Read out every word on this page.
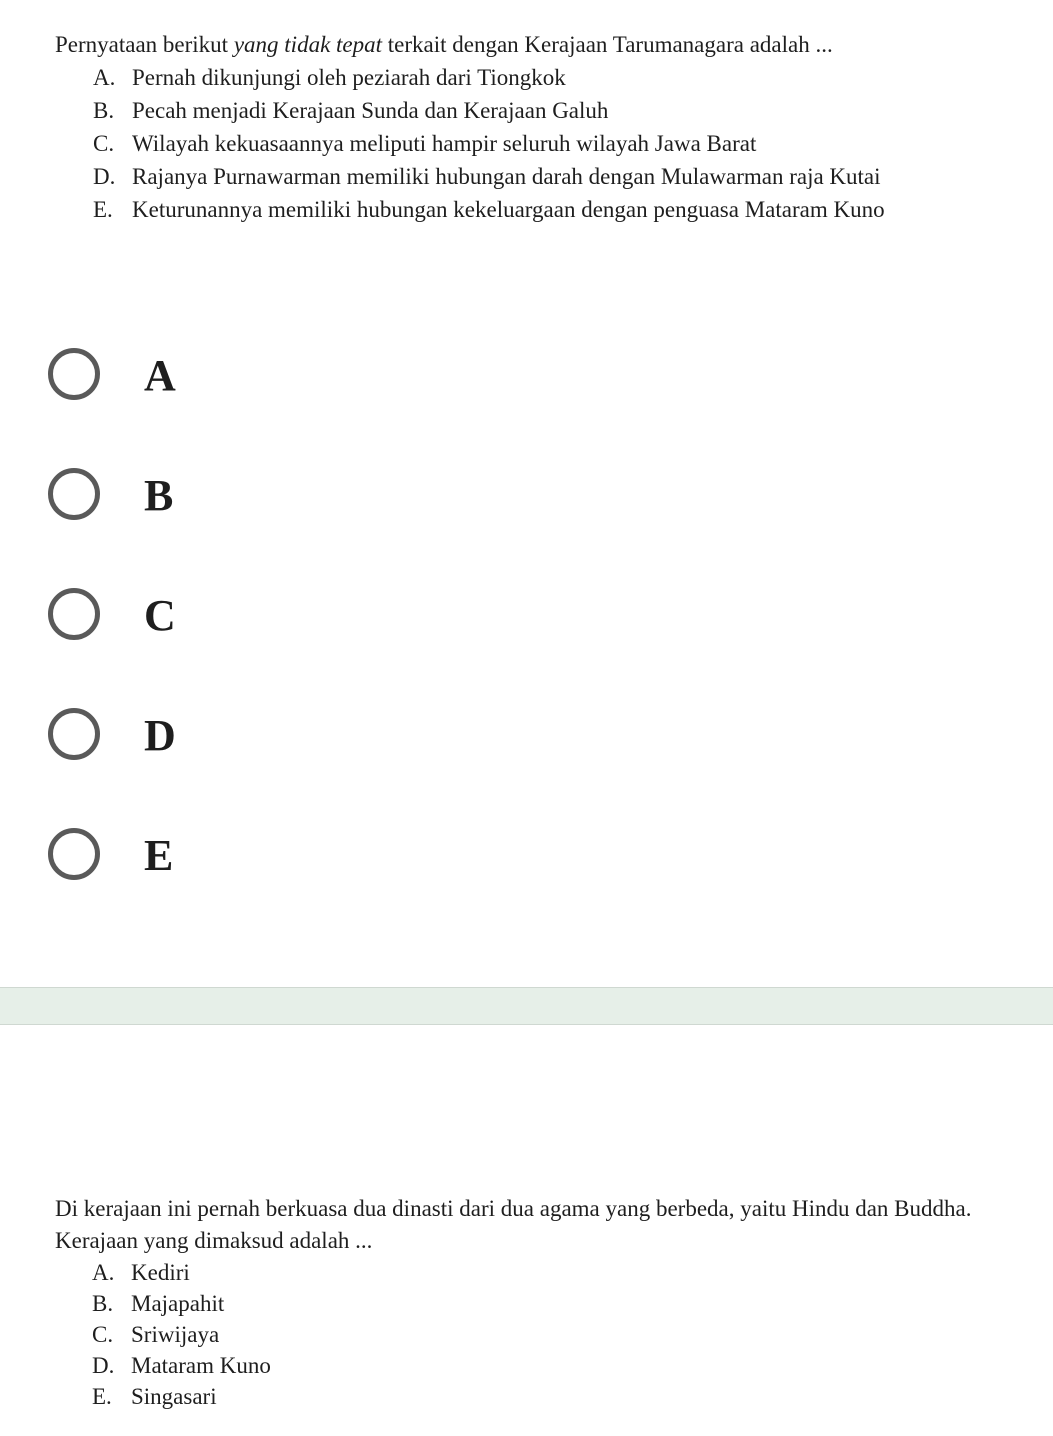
Pernyataan berikut yang tidak tepat terkait dengan Kerajaan Tarumanagara adalah ...

A. Pernah dikunjungi oleh peziarah dari Tiongkok
B. Pecah menjadi Kerajaan Sunda dan Kerajaan Galuh
C. Wilayah kekuasaannya meliputi hampir seluruh wilayah Jawa Barat
D. Rajanya Purnawarman memiliki hubungan darah dengan Mulawarman raja Kutai
E. Keturunannya memiliki hubungan kekeluargaan dengan penguasa Mataram Kuno
A
B
C
D
E

Di kerajaan ini pernah berkuasa dua dinasti dari dua agama yang berbeda, yaitu Hindu dan Buddha. Kerajaan yang dimaksud adalah ...

A. Kediri
B. Majapahit
C. Sriwijaya
D. Mataram Kuno
E. Singasari
